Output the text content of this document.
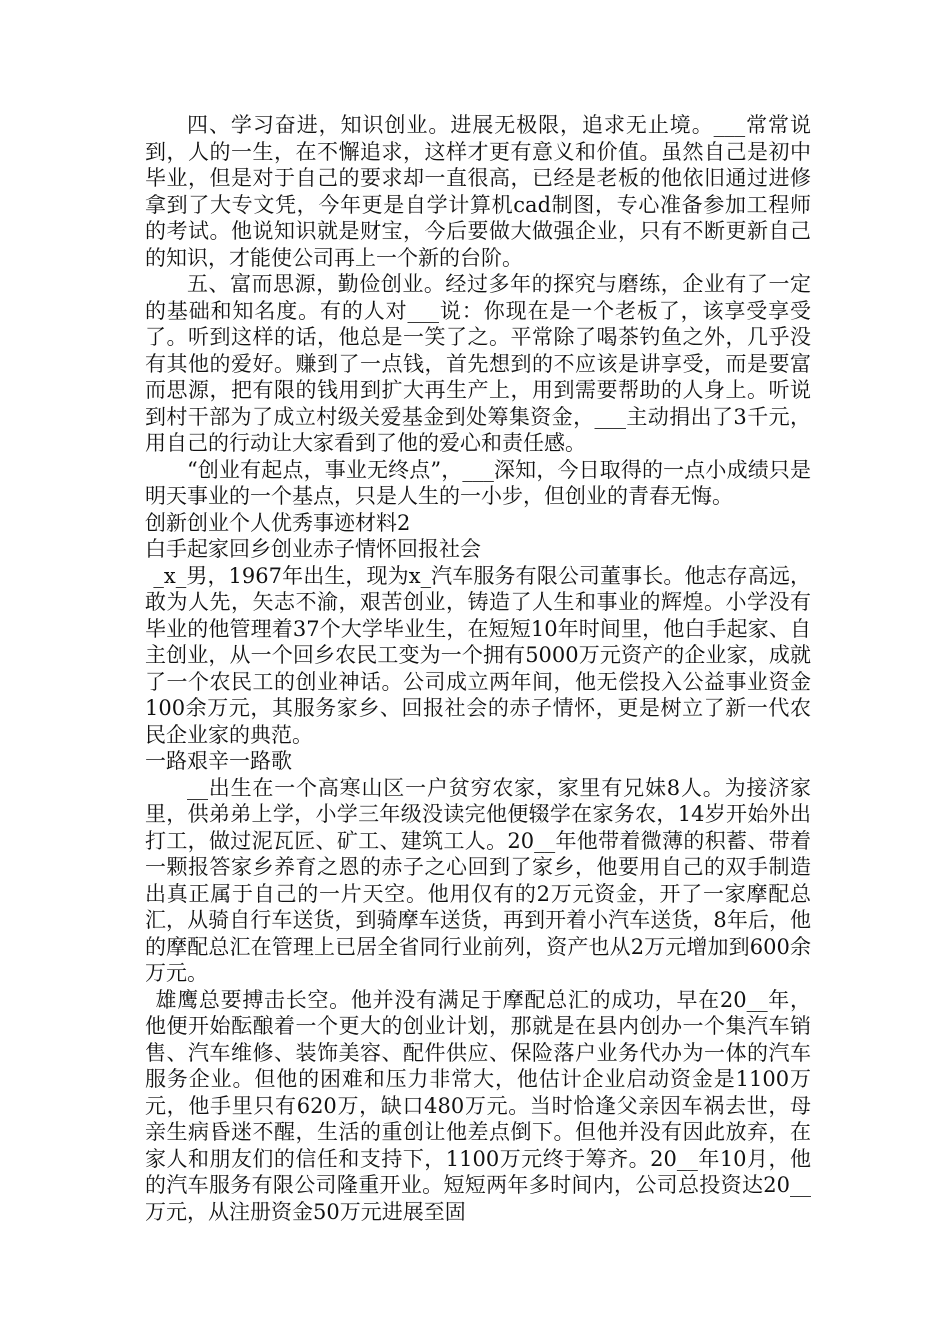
四、学习奋进，知识创业。进展无极限，追求无止境。___常常说到，人的一生，在不懈追求，这样才更有意义和价值。虽然自己是初中毕业，但是对于自己的要求却一直很高，已经是老板的他依旧通过进修拿到了大专文凭，今年更是自学计算机cad制图，专心准备参加工程师的考试。他说知识就是财宝，今后要做大做强企业，只有不断更新自己的知识，才能使公司再上一个新的台阶。

五、富而思源，勤俭创业。经过多年的探究与磨练，企业有了一定的基础和知名度。有的人对___说：你现在是一个老板了，该享受享受了。听到这样的话，他总是一笑了之。平常除了喝茶钓鱼之外，几乎没有其他的爱好。赚到了一点钱，首先想到的不应该是讲享受，而是要富而思源，把有限的钱用到扩大再生产上，用到需要帮助的人身上。听说到村干部为了成立村级关爱基金到处筹集资金，___主动捐出了3千元，用自己的行动让大家看到了他的爱心和责任感。

“创业有起点，事业无终点”，___深知，今日取得的一点小成绩只是明天事业的一个基点，只是人生的一小步，但创业的青春无悔。

创新创业个人优秀事迹材料2

白手起家回乡创业赤子情怀回报社会

_x_男，1967年出生，现为x_汽车服务有限公司董事长。他志存高远，敢为人先，矢志不渝，艰苦创业，铸造了人生和事业的辉煌。小学没有毕业的他管理着37个大学毕业生，在短短10年时间里，他白手起家、自主创业，从一个回乡农民工变为一个拥有5000万元资产的企业家，成就了一个农民工的创业神话。公司成立两年间，他无偿投入公益事业资金100余万元，其服务家乡、回报社会的赤子情怀，更是树立了新一代农民企业家的典范。

一路艰辛一路歌

__出生在一个高寒山区一户贫穷农家，家里有兄妹8人。为接济家里，供弟弟上学，小学三年级没读完他便辍学在家务农，14岁开始外出打工，做过泥瓦匠、矿工、建筑工人。20__年他带着微薄的积蓄、带着一颗报答家乡养育之恩的赤子之心回到了家乡，他要用自己的双手制造出真正属于自己的一片天空。他用仅有的2万元资金，开了一家摩配总汇，从骑自行车送货，到骑摩车送货，再到开着小汽车送货，8年后，他的摩配总汇在管理上已居全省同行业前列，资产也从2万元增加到600余万元。

雄鹰总要搏击长空。他并没有满足于摩配总汇的成功，早在20__年，他便开始酝酿着一个更大的创业计划，那就是在县内创办一个集汽车销售、汽车维修、装饰美容、配件供应、保险落户业务代办为一体的汽车服务企业。但他的困难和压力非常大，他估计企业启动资金是1100万元，他手里只有620万，缺口480万元。当时恰逢父亲因车祸去世，母亲生病昏迷不醒，生活的重创让他差点倒下。但他并没有因此放弃，在家人和朋友们的信任和支持下，1100万元终于筹齐。20__年10月，他的汽车服务有限公司隆重开业。短短两年多时间内，公司总投资达20__万元，从注册资金50万元进展至固
